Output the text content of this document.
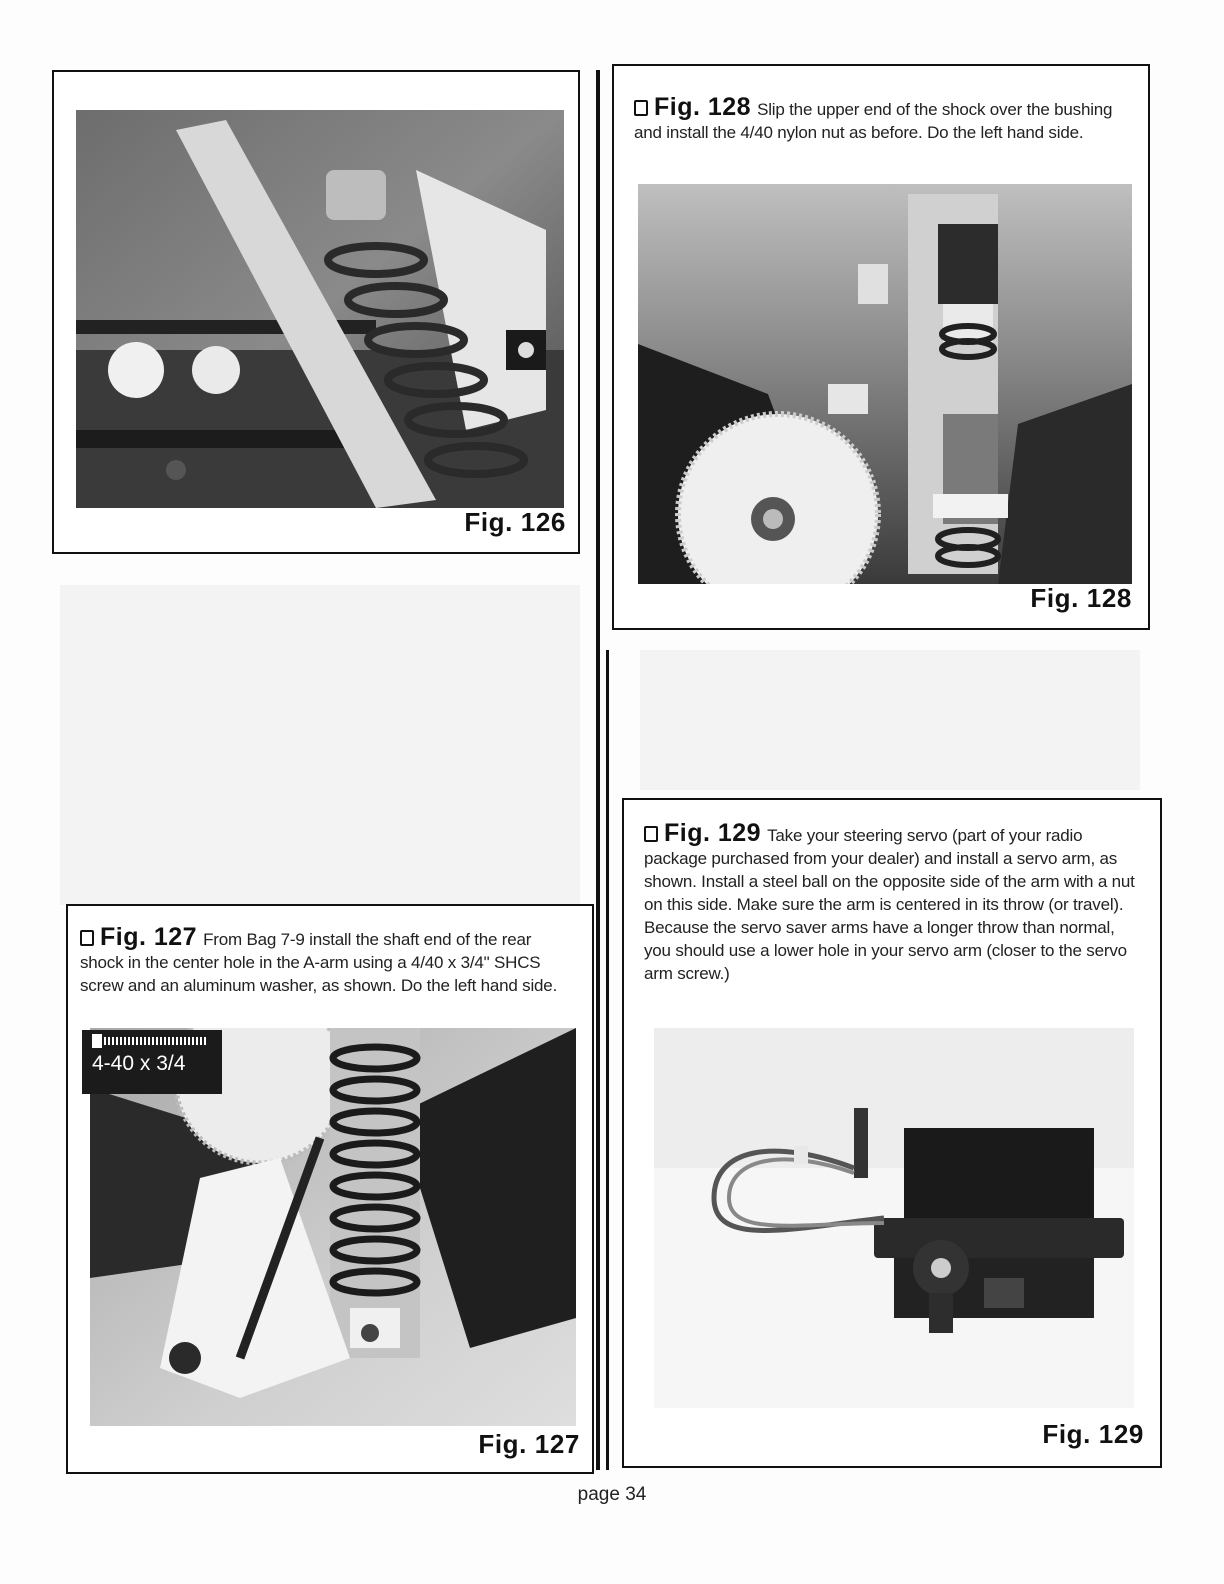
Fig. 126
Fig. 128 Slip the upper end of the shock over the bushing and install the 4/40 nylon nut as before. Do the left hand side.
Fig. 128
Fig. 127 From Bag 7-9 install the shaft end of the rear shock in the center hole in the A-arm using a 4/40 x 3/4" SHCS screw and an aluminum washer, as shown. Do the left hand side.
4-40 x 3/4
Fig. 127
Fig. 129 Take your steering servo (part of your radio package purchased from your dealer) and install a servo arm, as shown. Install a steel ball on the opposite side of the arm with a nut on this side. Make sure the arm is centered in its throw (or travel). Because the servo saver arms have a longer throw than normal, you should use a lower hole in your servo arm (closer to the servo arm screw.)
Fig. 129
page 34
